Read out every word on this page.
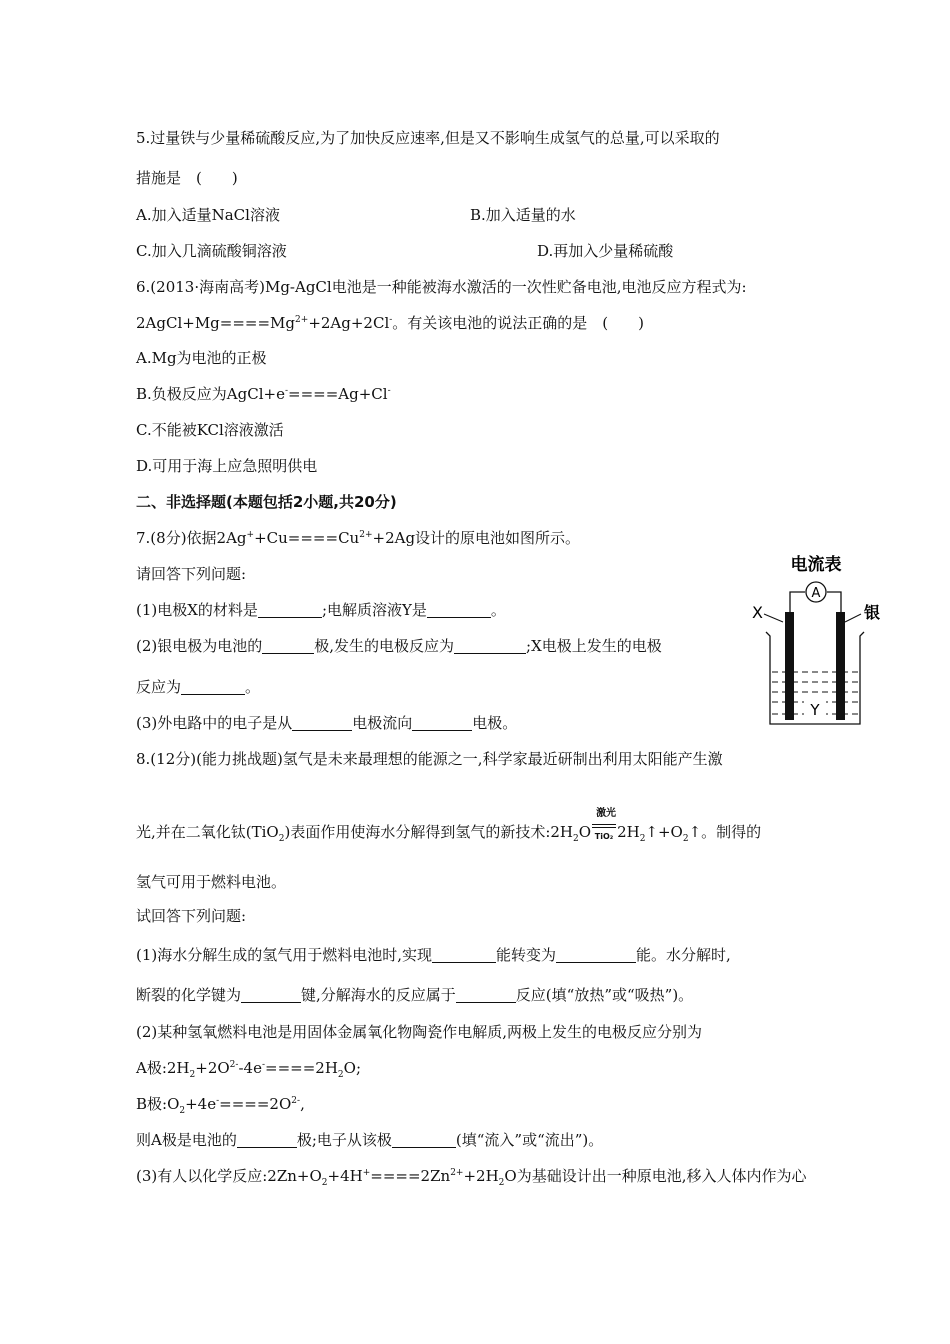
5.过量铁与少量稀硫酸反应,为了加快反应速率,但是又不影响生成氢气的总量,可以采取的
措施是　(　　)
A.加入适量NaCl溶液	B.加入适量的水
C.加入几滴硫酸铜溶液	D.再加入少量稀硫酸
6.(2013·海南高考)Mg-AgCl电池是一种能被海水激活的一次性贮备电池,电池反应方程式为:
$2AgCl+Mg====Mg^{2+}+2Ag+2Cl^-$。有关该电池的说法正确的是　(　　)
A.Mg为电池的正极
B.负极反应为AgCl+e-====Ag+Cl-
C.不能被KCl溶液激活
D.可用于海上应急照明供电
二、非选择题(本题包括2小题,共20分)
7.(8分)依据$2Ag^++Cu====Cu^{2+}+2Ag$设计的原电池如图所示。
请回答下列问题:
(1)电极X的材料是	;电解质溶液Y是	。
(2)银电极为电池的	极,发生的电极反应为	;X电极上发生的电极
反应为	。
(3)外电路中的电子是从	电极流向	电极。
电流表
A
X	银
Y
8.(12分)(能力挑战题)氢气是未来最理想的能源之一,科学家最近研制出利用太阳能产生激
光,并在二氧化钛(TiO$_2$)表面作用使海水分解得到氢气的新技术$:2H_2O$
激光
TiO₂ $2H_2↑+O_2↑$。制得的
氢气可用于燃料电池。
试回答下列问题:
(1)海水分解生成的氢气用于燃料电池时,实现	能转变为	能。水分解时,
断裂的化学键为	键,分解海水的反应属于	反应(填“放热”或“吸热”)。
(2)某种氢氧燃料电池是用固体金属氧化物陶瓷作电解质,两极上发生的电极反应分别为
A极$:2H_2+2O^{2-}-4e^-====2H_2O$;
B极$:O_2+4e^-====2O^{2-}$,
则A极是电池的	极;电子从该极	(填“流入”或“流出”)。
(3)有人以化学反应$:2Zn+O_2+4H^+====2Zn^{2+}+2H_2O$为基础设计出一种原电池,移入人体内作为心
